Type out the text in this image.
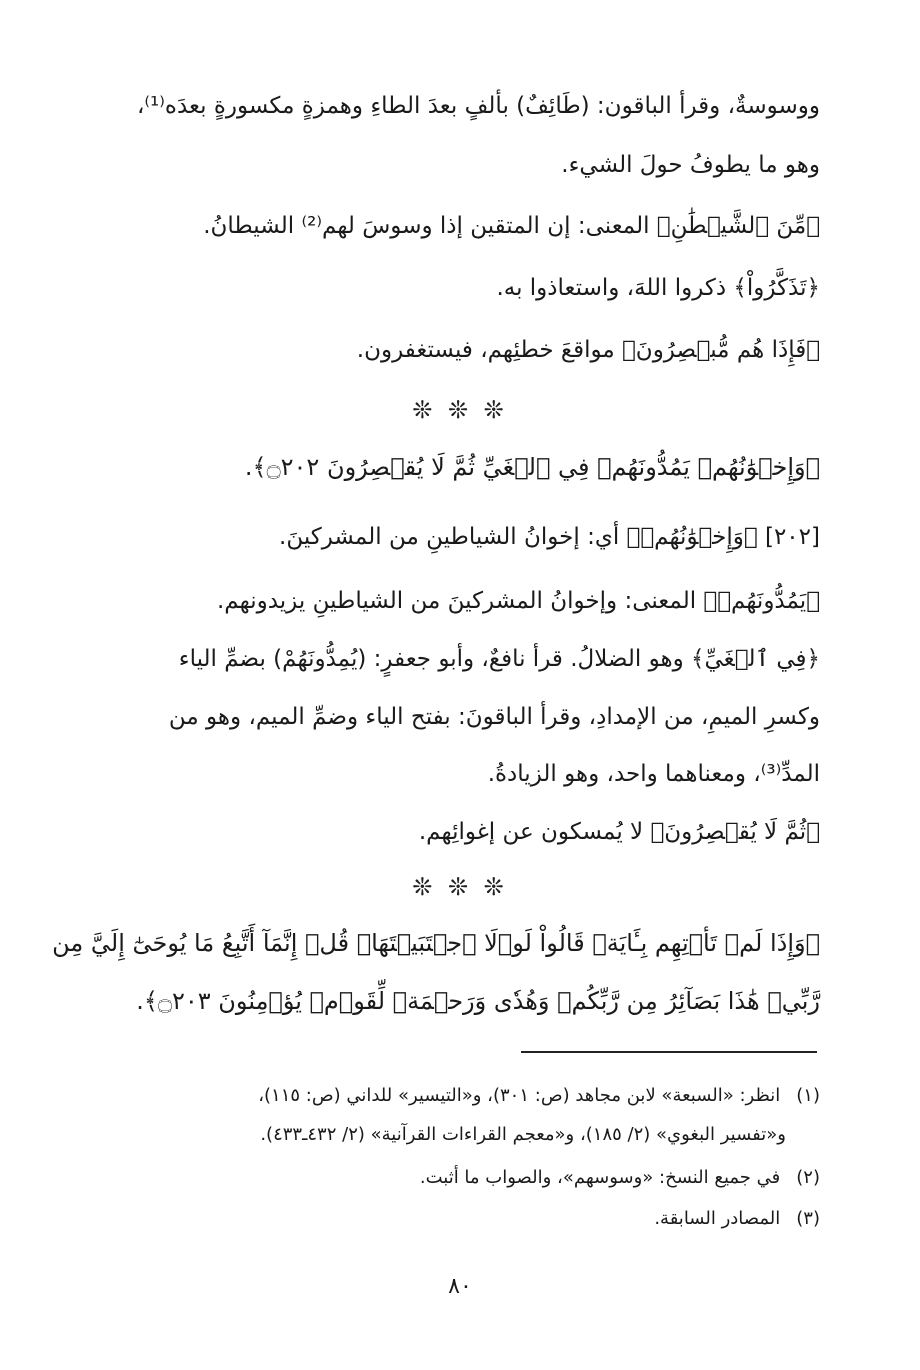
ووسوسةٌ، وقرأ الباقون: (طَائِفٌ) بألفٍ بعدَ الطاءِ وهمزةٍ مكسورةٍ بعدَه⁽¹⁾،
وهو ما يطوفُ حولَ الشيء.
﴿مِّنَ ٱلشَّيۡطَٰنِ﴾ المعنى: إن المتقين إذا وسوسَ لهم⁽²⁾ الشيطانُ.
﴿تَذَكَّرُواْ﴾ ذكروا اللهَ، واستعاذوا به.
﴿فَإِذَا هُم مُّبۡصِرُونَ﴾ مواقعَ خطئِهم، فيستغفرون.
❊ ❊ ❊
﴿وَإِخۡوَٰنُهُمۡ يَمُدُّونَهُمۡ فِي ٱلۡغَيِّ ثُمَّ لَا يُقۡصِرُونَ ۝٢٠٢﴾.
[٢٠٢] ﴿وَإِخۡوَٰنُهُمۡ﴾ أي: إخوانُ الشياطينِ من المشركينَ.
﴿يَمُدُّونَهُمۡ﴾ المعنى: وإخوانُ المشركينَ من الشياطينِ يزيدونهم.
﴿فِي ٱلۡغَيِّ﴾ وهو الضلالُ. قرأ نافعٌ، وأبو جعفرٍ: (يُمِدُّونَهُمْ) بضمِّ الياء
وكسرِ الميمِ، من الإمدادِ، وقرأ الباقونَ: بفتح الياء وضمِّ الميم، وهو من
المدِّ⁽³⁾، ومعناهما واحد، وهو الزيادةُ.
﴿ثُمَّ لَا يُقۡصِرُونَ﴾ لا يُمسكون عن إغوائِهم.
❊ ❊ ❊
﴿وَإِذَا لَمۡ تَأۡتِهِم بِـَٔايَةٖ قَالُواْ لَوۡلَا ٱجۡتَبَيۡتَهَاۚ قُلۡ إِنَّمَآ أَتَّبِعُ مَا يُوحَىٰٓ إِلَيَّ مِن
رَّبِّيۚ هَٰذَا بَصَآئِرُ مِن رَّبِّكُمۡ وَهُدٗى وَرَحۡمَةٞ لِّقَوۡمٖ يُؤۡمِنُونَ ۝٢٠٣﴾.
(١) انظر: «السبعة» لابن مجاهد (ص: ٣٠١)، و«التيسير» للداني (ص: ١١٥)،
و«تفسير البغوي» (٢/ ١٨٥)، و«معجم القراءات القرآنية» (٢/ ٤٣٢ـ٤٣٣).
(٢) في جميع النسخ: «وسوسهم»، والصواب ما أثبت.
(٣) المصادر السابقة.
٨٠
